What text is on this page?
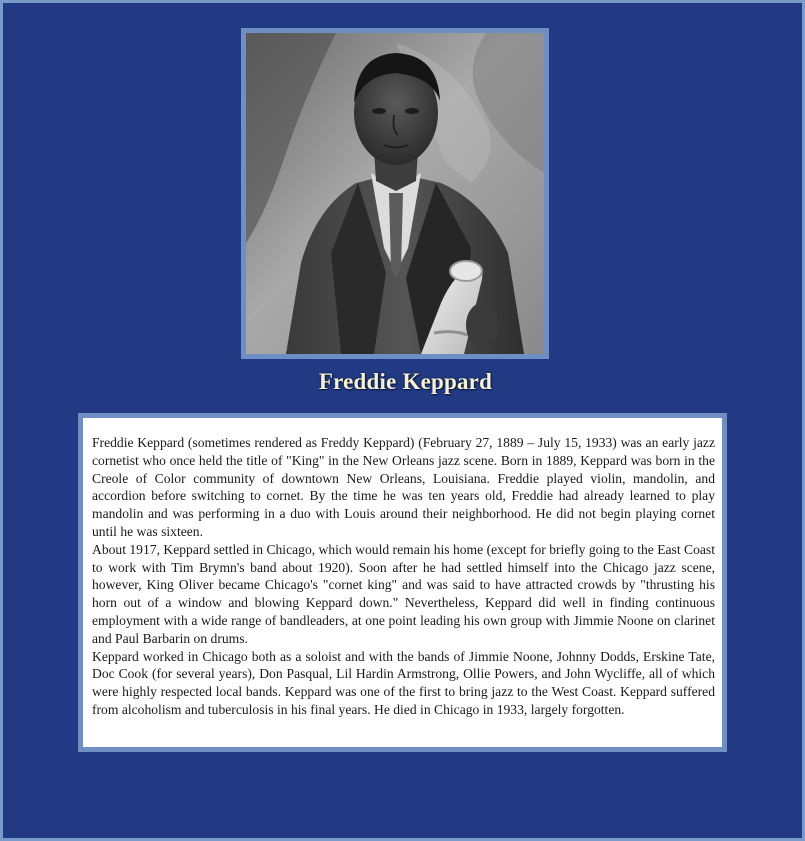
Freddie Keppard

Freddie Keppard (sometimes rendered as Freddy Keppard) (February 27, 1889 – July 15, 1933) was an early jazz cornetist who once held the title of "King" in the New Orleans jazz scene. Born in 1889, Keppard was born in the Creole of Color community of downtown New Orleans, Louisiana. Freddie played violin, mandolin, and accordion before switching to cornet. By the time he was ten years old, Freddie had already learned to play mandolin and was performing in a duo with Louis around their neighborhood. He did not begin playing cornet until he was sixteen.

About 1917, Keppard settled in Chicago, which would remain his home (except for briefly going to the East Coast to work with Tim Brymn's band about 1920). Soon after he had settled himself into the Chicago jazz scene, however, King Oliver became Chicago's "cornet king" and was said to have attracted crowds by "thrusting his horn out of a window and blowing Keppard down." Nevertheless, Keppard did well in finding continuous employment with a wide range of bandleaders, at one point leading his own group with Jimmie Noone on clarinet and Paul Barbarin on drums.

Keppard worked in Chicago both as a soloist and with the bands of Jimmie Noone, Johnny Dodds, Erskine Tate, Doc Cook (for several years), Don Pasqual, Lil Hardin Armstrong, Ollie Powers, and John Wycliffe, all of which were highly respected local bands. Keppard was one of the first to bring jazz to the West Coast. Keppard suffered from alcoholism and tuberculosis in his final years. He died in Chicago in 1933, largely forgotten.
